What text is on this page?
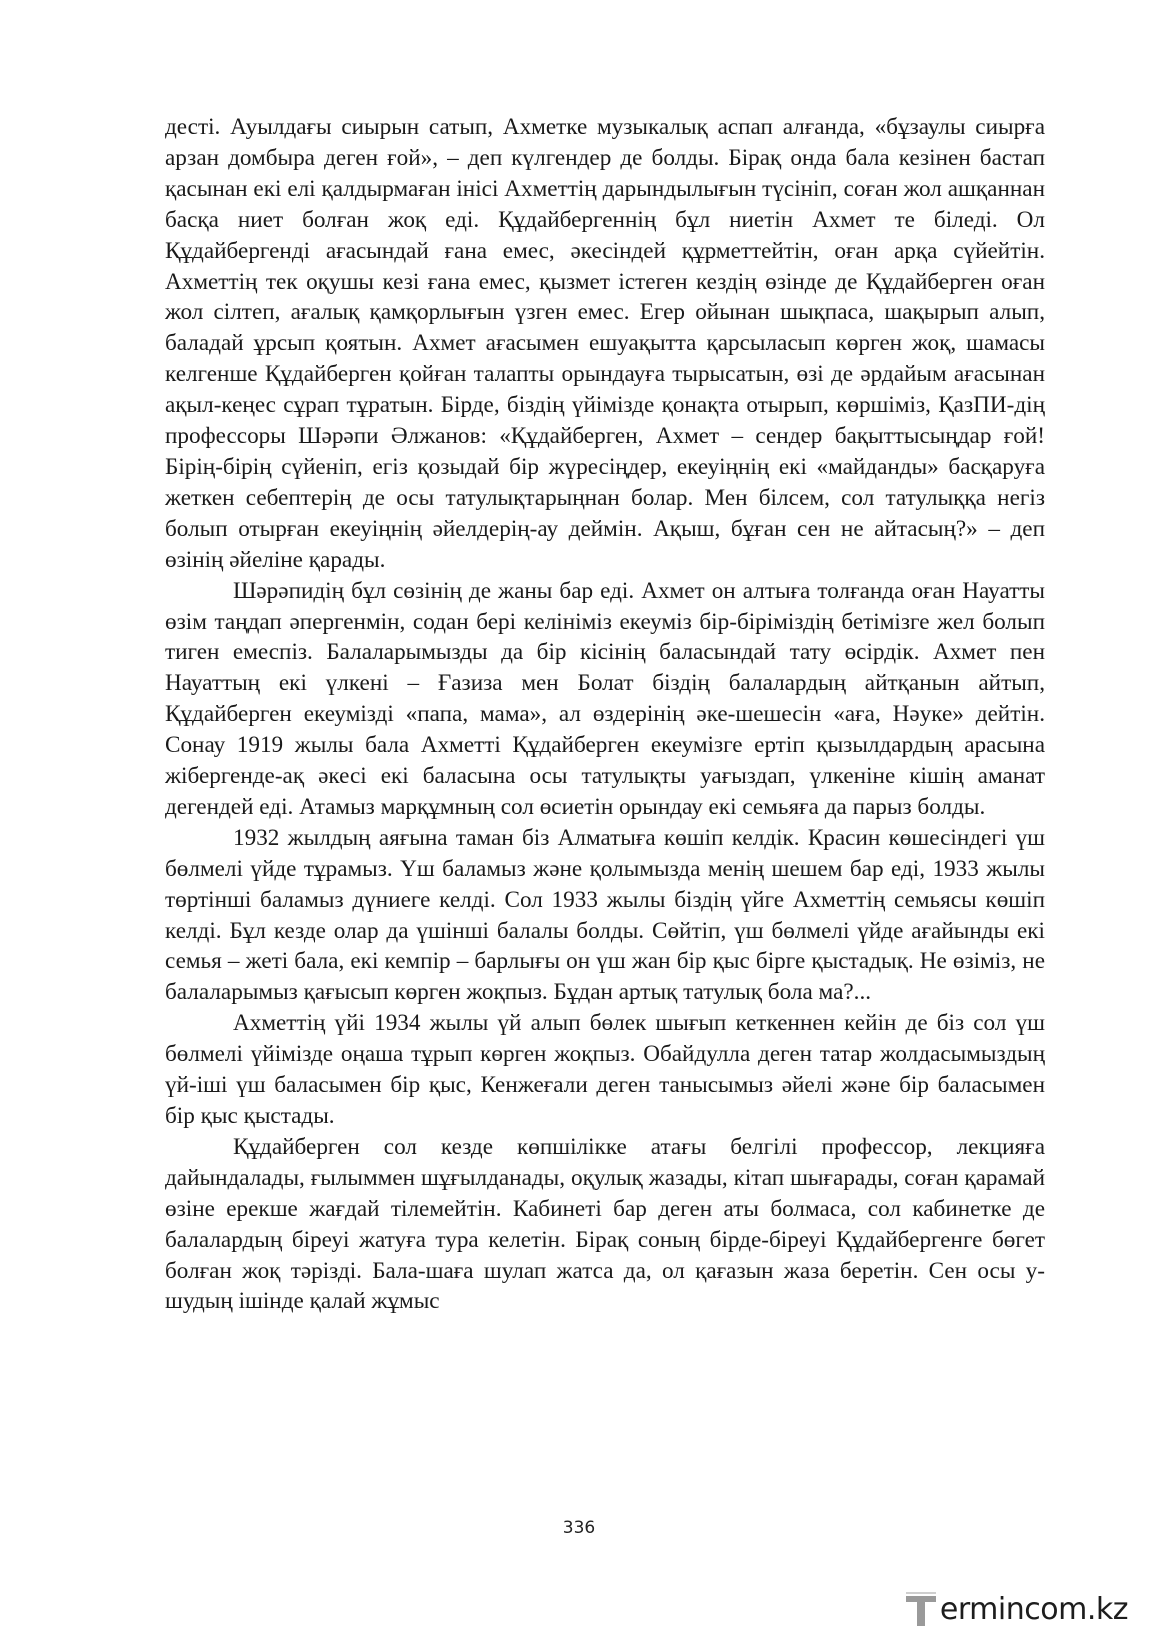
десті. Ауылдағы сиырын сатып, Ахметке музыкалық аспап алғанда, «бұзаулы сиырға арзан домбыра деген ғой», – деп күлгендер де болды. Бірақ онда бала кезінен бастап қасынан екі елі қалдырмаған інісі Ахметтің дарындылығын түсініп, соған жол ашқаннан басқа ниет болған жоқ еді. Құдайбергеннің бұл ниетін Ахмет те біледі. Ол Құдайбергенді ағасындай ғана емес, әкесіндей құрметтейтін, оған арқа сүйейтін. Ахметтің тек оқушы кезі ғана емес, қызмет істеген кездің өзінде де Құдайберген оған жол сілтеп, ағалық қамқорлығын үзген емес. Егер ойынан шықпаса, шақырып алып, баладай ұрсып қоятын. Ахмет ағасымен ешуақытта қарсыласып көрген жоқ, шамасы келгенше Құдайберген қойған талапты орындауға тырысатын, өзі де әрдайым ағасынан ақыл-кеңес сұрап тұратын. Бірде, біздің үйімізде қонақта отырып, көршіміз, ҚазПИ-дің профессоры Шәрәпи Әлжанов: «Құдайберген, Ахмет – сендер бақыттысыңдар ғой! Бірің-бірің сүйеніп, егіз қозыдай бір жүресіңдер, екеуіңнің екі «майданды» басқаруға жеткен себептерің де осы татулықтарыңнан болар. Мен білсем, сол татулыққа негіз болып отырған екеуіңнің әйелдерің-ау деймін. Ақыш, бұған сен не айтасың?» – деп өзінің әйеліне қарады.

Шәрәпидің бұл сөзінің де жаны бар еді. Ахмет он алтыға толғанда оған Науатты өзім таңдап әпергенмін, содан бері келініміз екеуміз бір-біріміздің бетімізге жел болып тиген емеспіз. Балаларымызды да бір кісінің баласындай тату өсірдік. Ахмет пен Науаттың екі үлкені – Ғазиза мен Болат біздің балалардың айтқанын айтып, Құдайберген екеумізді «папа, мама», ал өздерінің әке-шешесін «аға, Нәуке» дейтін. Сонау 1919 жылы бала Ахметті Құдайберген екеумізге ертіп қызылдардың арасына жібергенде-ақ әкесі екі баласына осы татулықты уағыздап, үлкеніне кішің аманат дегендей еді. Атамыз марқұмның сол өсиетін орындау екі семьяға да парыз болды.

1932 жылдың аяғына таман біз Алматыға көшіп келдік. Красин көшесіндегі үш бөлмелі үйде тұрамыз. Үш баламыз және қолымызда менің шешем бар еді, 1933 жылы төртінші баламыз дүниеге келді. Сол 1933 жылы біздің үйге Ахметтің семьясы көшіп келді. Бұл кезде олар да үшінші балалы болды. Сөйтіп, үш бөлмелі үйде ағайынды екі семья – жеті бала, екі кемпір – барлығы он үш жан бір қыс бірге қыстадық. Не өзіміз, не балаларымыз қағысып көрген жоқпыз. Бұдан артық татулық бола ма?...

Ахметтің үйі 1934 жылы үй алып бөлек шығып кеткеннен кейін де біз сол үш бөлмелі үйімізде оңаша тұрып көрген жоқпыз. Обайдулла деген татар жолдасымыздың үй-іші үш баласымен бір қыс, Кенжеғали деген танысымыз әйелі және бір баласымен бір қыс қыстады.

Құдайберген сол кезде көпшілікке атағы белгілі профессор, лекцияға дайындалады, ғылыммен шұғылданады, оқулық жазады, кітап шығарады, соған қарамай өзіне ерекше жағдай тілемейтін. Кабинеті бар деген аты болмаса, сол кабинетке де балалардың біреуі жатуға тура келетін. Бірақ соның бірде-біреуі Құдайбергенге бөгет болған жоқ тәрізді. Бала-шаға шулап жатса да, ол қағазын жаза беретін. Сен осы у-шудың ішінде қалай жұмыс

336
ermincom .kz
